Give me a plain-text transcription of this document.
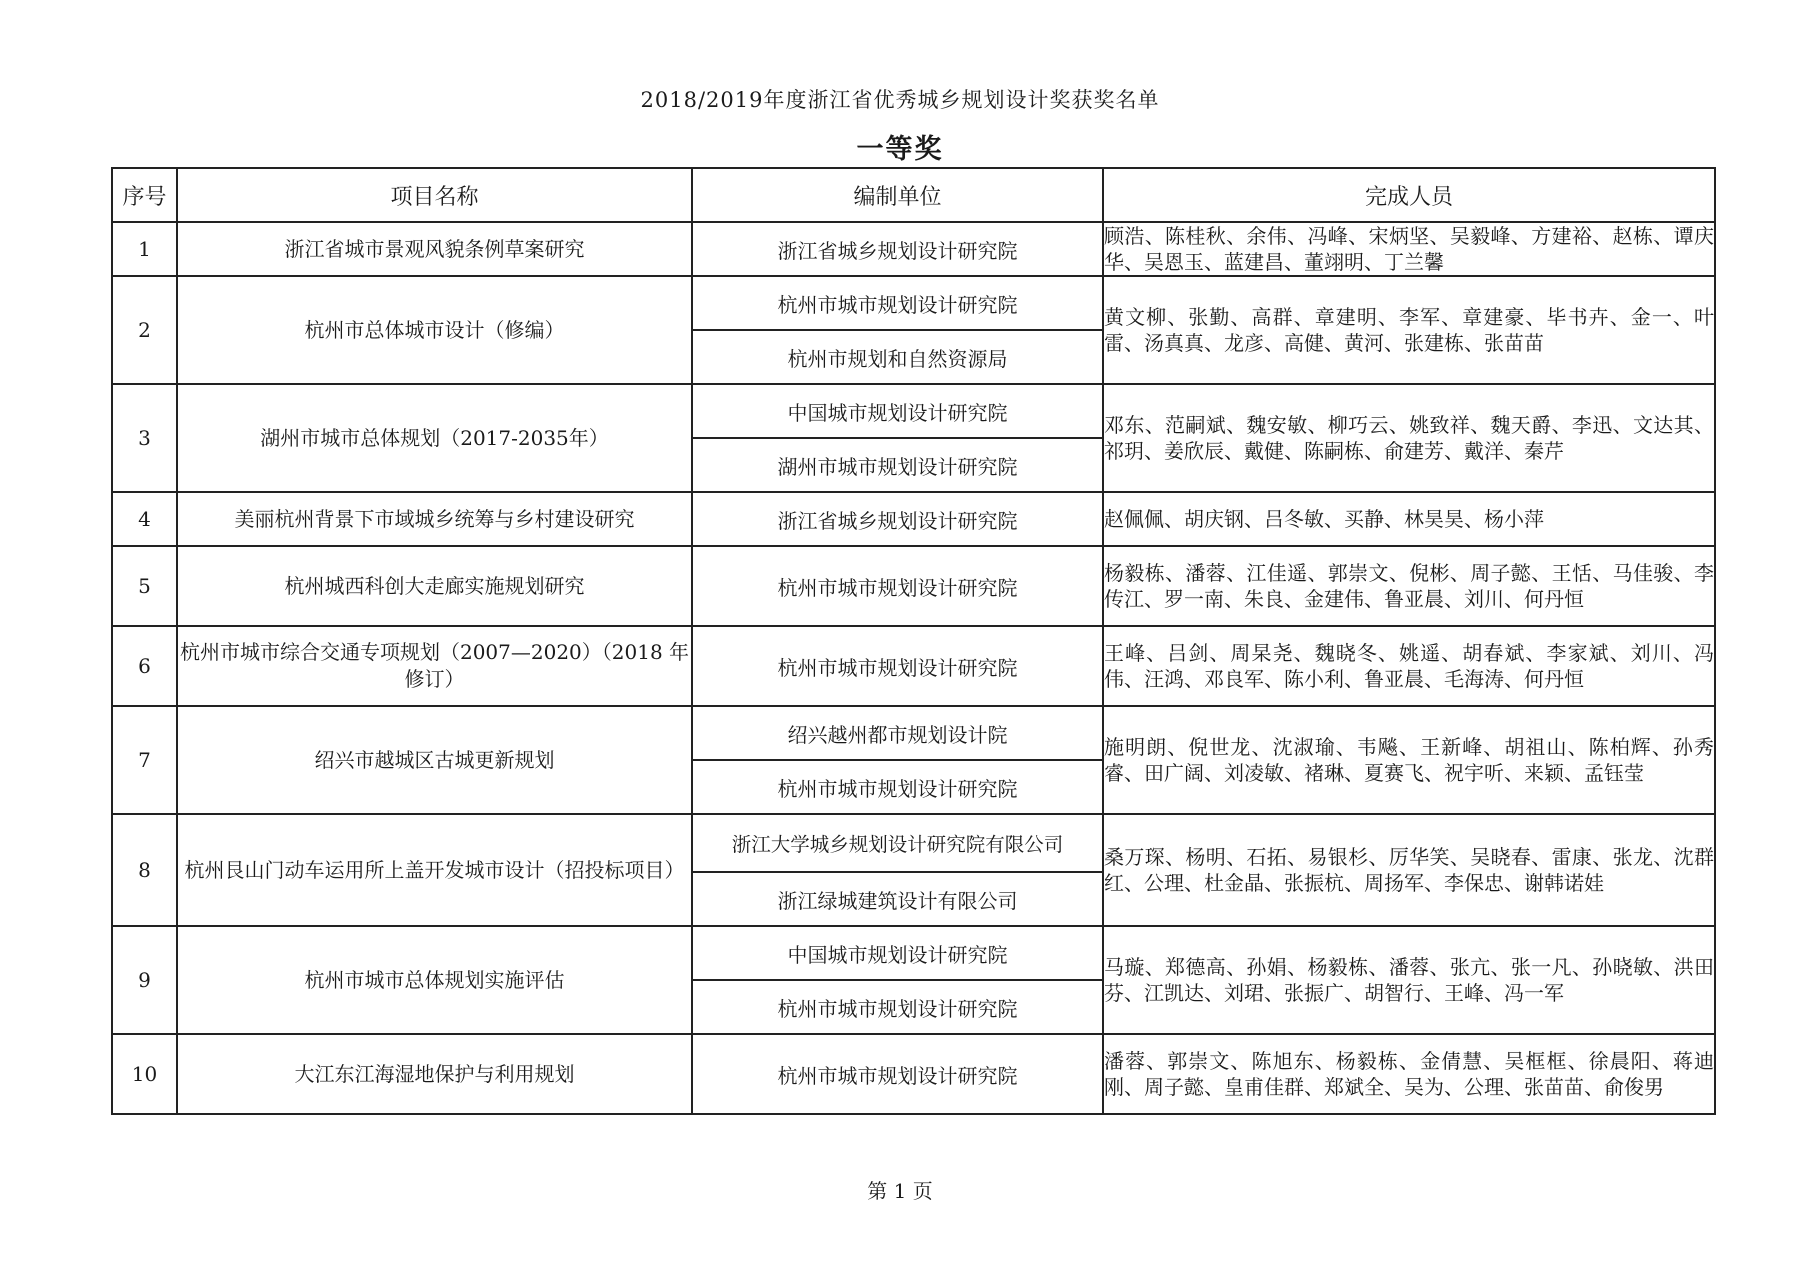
2018/2019年度浙江省优秀城乡规划设计奖获奖名单
一等奖
序号	项目名称	编制单位	完成人员
1	浙江省城市景观风貌条例草案研究	浙江省城乡规划设计研究院	顾浩、陈桂秋、余伟、冯峰、宋炳坚、吴毅峰、方建裕、赵栋、谭庆华、吴恩玉、蓝建昌、董翊明、丁兰馨
2	杭州市总体城市设计（修编）	杭州市城市规划设计研究院	黄文柳、张勤、高群、章建明、李军、章建豪、毕书卉、金一、叶雷、汤真真、龙彦、高健、黄河、张建栋、张苗苗
		杭州市规划和自然资源局	
3	湖州市城市总体规划（2017-2035年）	中国城市规划设计研究院	邓东、范嗣斌、魏安敏、柳巧云、姚致祥、魏天爵、李迅、文达其、祁玥、姜欣辰、戴健、陈嗣栋、俞建芳、戴洋、秦芹
		湖州市城市规划设计研究院	
4	美丽杭州背景下市域城乡统筹与乡村建设研究	浙江省城乡规划设计研究院	赵佩佩、胡庆钢、吕冬敏、买静、林昊昊、杨小萍
5	杭州城西科创大走廊实施规划研究	杭州市城市规划设计研究院	杨毅栋、潘蓉、江佳遥、郭崇文、倪彬、周子懿、王恬、马佳骏、李传江、罗一南、朱良、金建伟、鲁亚晨、刘川、何丹恒
6	杭州市城市综合交通专项规划（2007—2020）（2018 年修订）	杭州市城市规划设计研究院	王峰、吕剑、周杲尧、魏晓冬、姚遥、胡春斌、李家斌、刘川、冯伟、汪鸿、邓良军、陈小利、鲁亚晨、毛海涛、何丹恒
7	绍兴市越城区古城更新规划	绍兴越州都市规划设计院	施明朗、倪世龙、沈淑瑜、韦飚、王新峰、胡祖山、陈柏辉、孙秀睿、田广阔、刘凌敏、褚琳、夏赛飞、祝宇听、来颖、孟钰莹
		杭州市城市规划设计研究院	
8	杭州艮山门动车运用所上盖开发城市设计（招投标项目）	浙江大学城乡规划设计研究院有限公司	桑万琛、杨明、石拓、易银杉、厉华笑、吴晓春、雷康、张龙、沈群红、公理、杜金晶、张振杭、周扬军、李保忠、谢韩诺娃
		浙江绿城建筑设计有限公司	
9	杭州市城市总体规划实施评估	中国城市规划设计研究院	马璇、郑德高、孙娟、杨毅栋、潘蓉、张亢、张一凡、孙晓敏、洪田芬、江凯达、刘珺、张振广、胡智行、王峰、冯一军
		杭州市城市规划设计研究院	
10	大江东江海湿地保护与利用规划	杭州市城市规划设计研究院	潘蓉、郭崇文、陈旭东、杨毅栋、金倩慧、吴框框、徐晨阳、蒋迪刚、周子懿、皇甫佳群、郑斌全、吴为、公理、张苗苗、俞俊男
第 1 页
